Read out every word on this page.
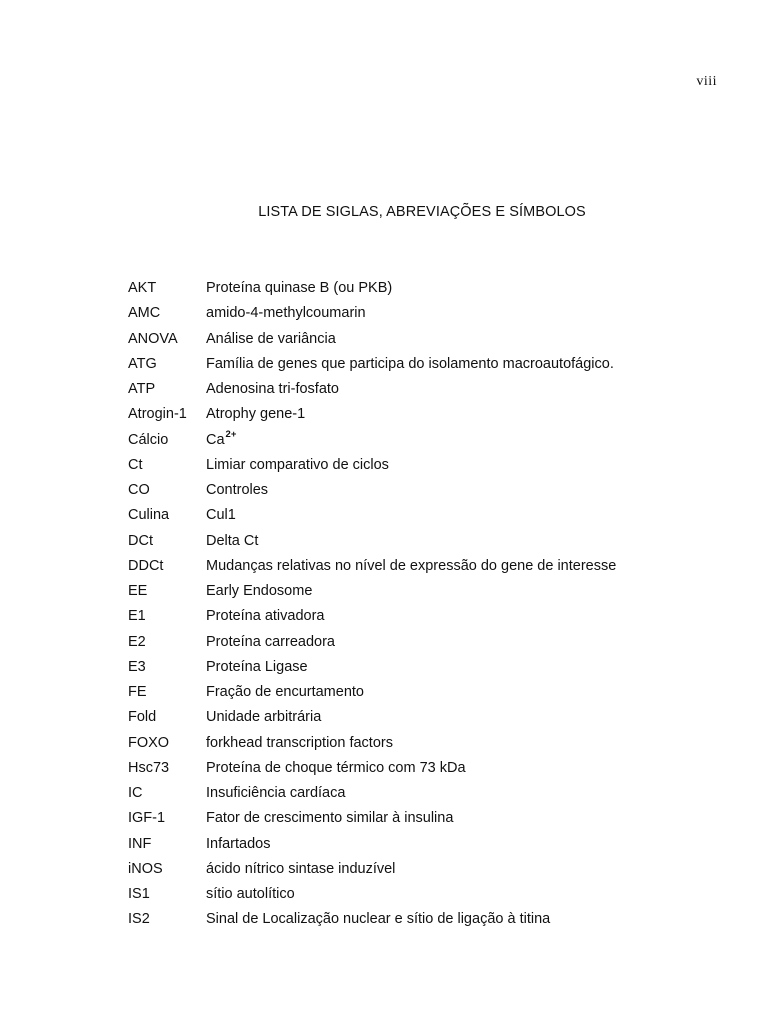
viii
LISTA DE SIGLAS, ABREVIAÇÕES E SÍMBOLOS
AKT	Proteína quinase B (ou PKB)
AMC	amido-4-methylcoumarin
ANOVA	Análise de variância
ATG	Família de genes que participa do isolamento macroautofágico.
ATP	Adenosina tri-fosfato
Atrogin-1	Atrophy gene-1
Cálcio	$Ca^{2+}$
Ct	Limiar comparativo de ciclos
CO	Controles
Culina	Cul1
DCt	Delta Ct
DDCt	Mudanças relativas no nível de expressão do gene de interesse
EE	Early Endosome
E1	Proteína ativadora
E2	Proteína carreadora
E3	Proteína Ligase
FE	Fração de encurtamento
Fold	Unidade arbitrária
FOXO	forkhead transcription factors
Hsc73	Proteína de choque térmico com 73 kDa
IC	Insuficiência cardíaca
IGF-1	Fator de crescimento similar à insulina
INF	Infartados
iNOS	ácido nítrico sintase induzível
IS1	sítio autolítico
IS2	Sinal de Localização nuclear e sítio de ligação à titina
